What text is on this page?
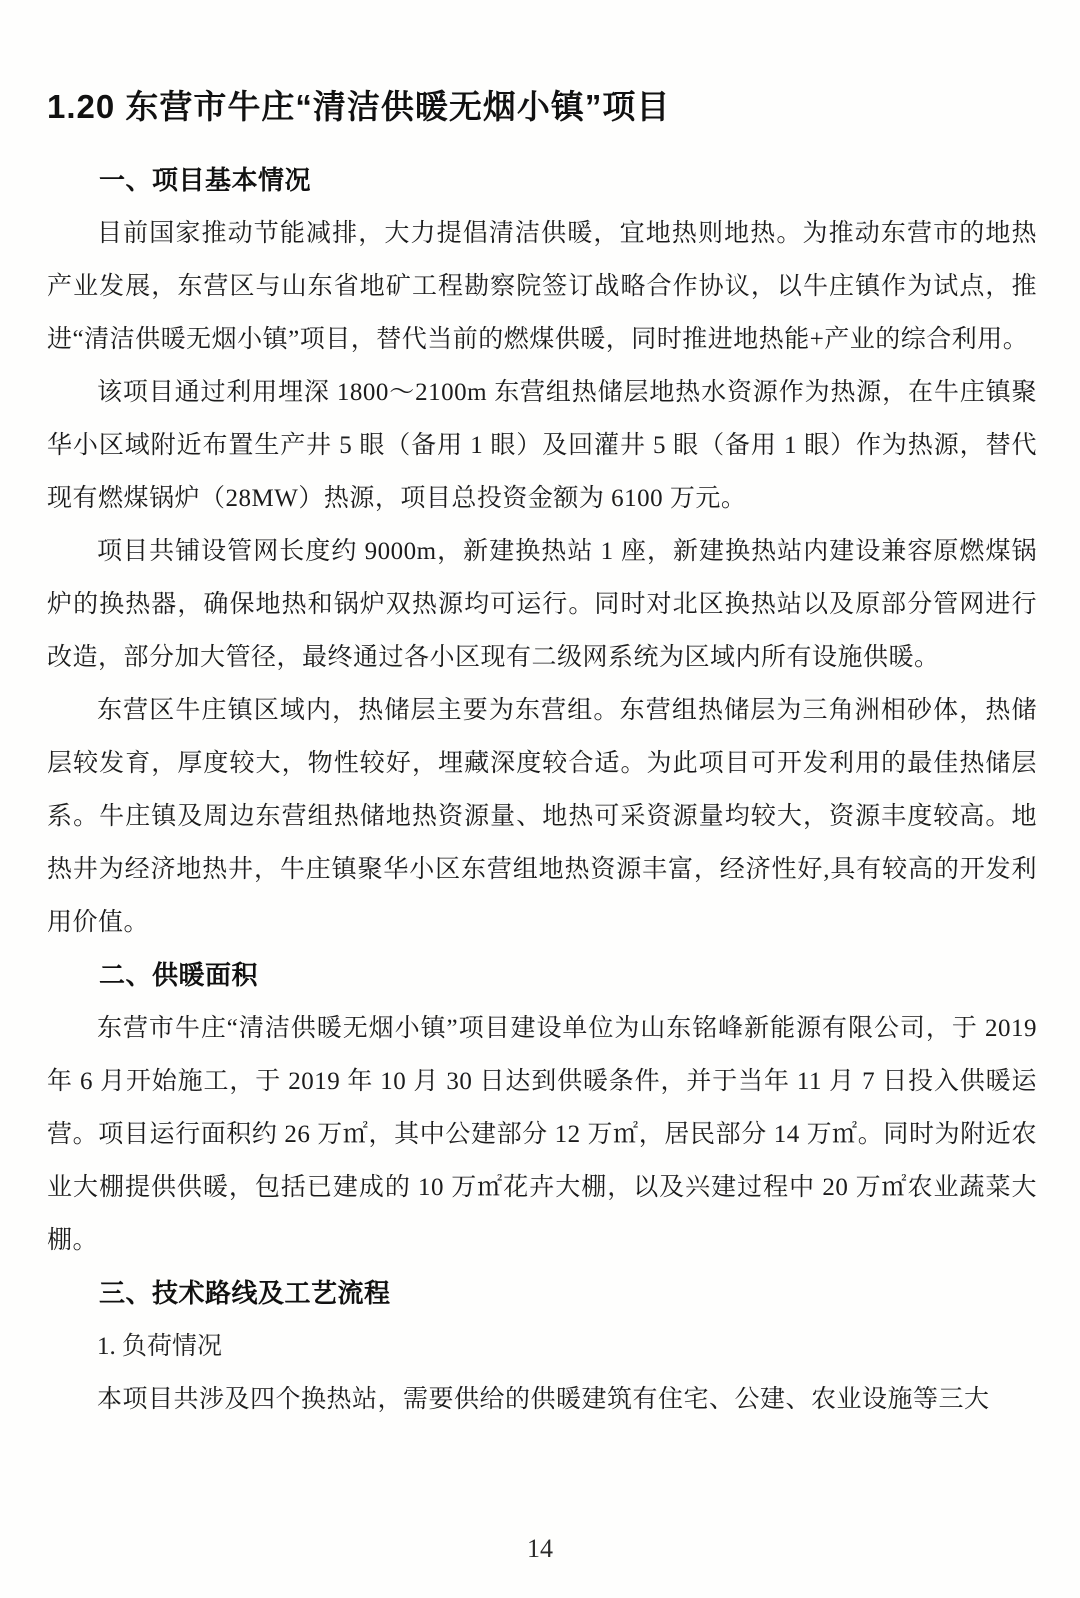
1.20 东营市牛庄“清洁供暖无烟小镇”项目
一、项目基本情况

目前国家推动节能减排，大力提倡清洁供暖，宜地热则地热。为推动东营市的地热产业发展，东营区与山东省地矿工程勘察院签订战略合作协议，以牛庄镇作为试点，推进“清洁供暖无烟小镇”项目，替代当前的燃煤供暖，同时推进地热能+产业的综合利用。

该项目通过利用埋深 1800～2100m 东营组热储层地热水资源作为热源，在牛庄镇聚华小区域附近布置生产井 5 眼（备用 1 眼）及回灌井 5 眼（备用 1 眼）作为热源，替代现有燃煤锅炉（28MW）热源，项目总投资金额为 6100 万元。

项目共铺设管网长度约 9000m，新建换热站 1 座，新建换热站内建设兼容原燃煤锅炉的换热器，确保地热和锅炉双热源均可运行。同时对北区换热站以及原部分管网进行改造，部分加大管径，最终通过各小区现有二级网系统为区域内所有设施供暖。

东营区牛庄镇区域内，热储层主要为东营组。东营组热储层为三角洲相砂体，热储层较发育，厚度较大，物性较好，埋藏深度较合适。为此项目可开发利用的最佳热储层系。牛庄镇及周边东营组热储地热资源量、地热可采资源量均较大，资源丰度较高。地热井为经济地热井，牛庄镇聚华小区东营组地热资源丰富，经济性好,具有较高的开发利用价值。

二、供暖面积

东营市牛庄“清洁供暖无烟小镇”项目建设单位为山东铭峰新能源有限公司，于 2019 年 6 月开始施工，于 2019 年 10 月 30 日达到供暖条件，并于当年 11 月 7 日投入供暖运营。项目运行面积约 26 万㎡，其中公建部分 12 万㎡，居民部分 14 万㎡。同时为附近农业大棚提供供暖，包括已建成的 10 万㎡花卉大棚，以及兴建过程中 20 万㎡农业蔬菜大棚。

三、技术路线及工艺流程

1. 负荷情况

本项目共涉及四个换热站，需要供给的供暖建筑有住宅、公建、农业设施等三大

14
